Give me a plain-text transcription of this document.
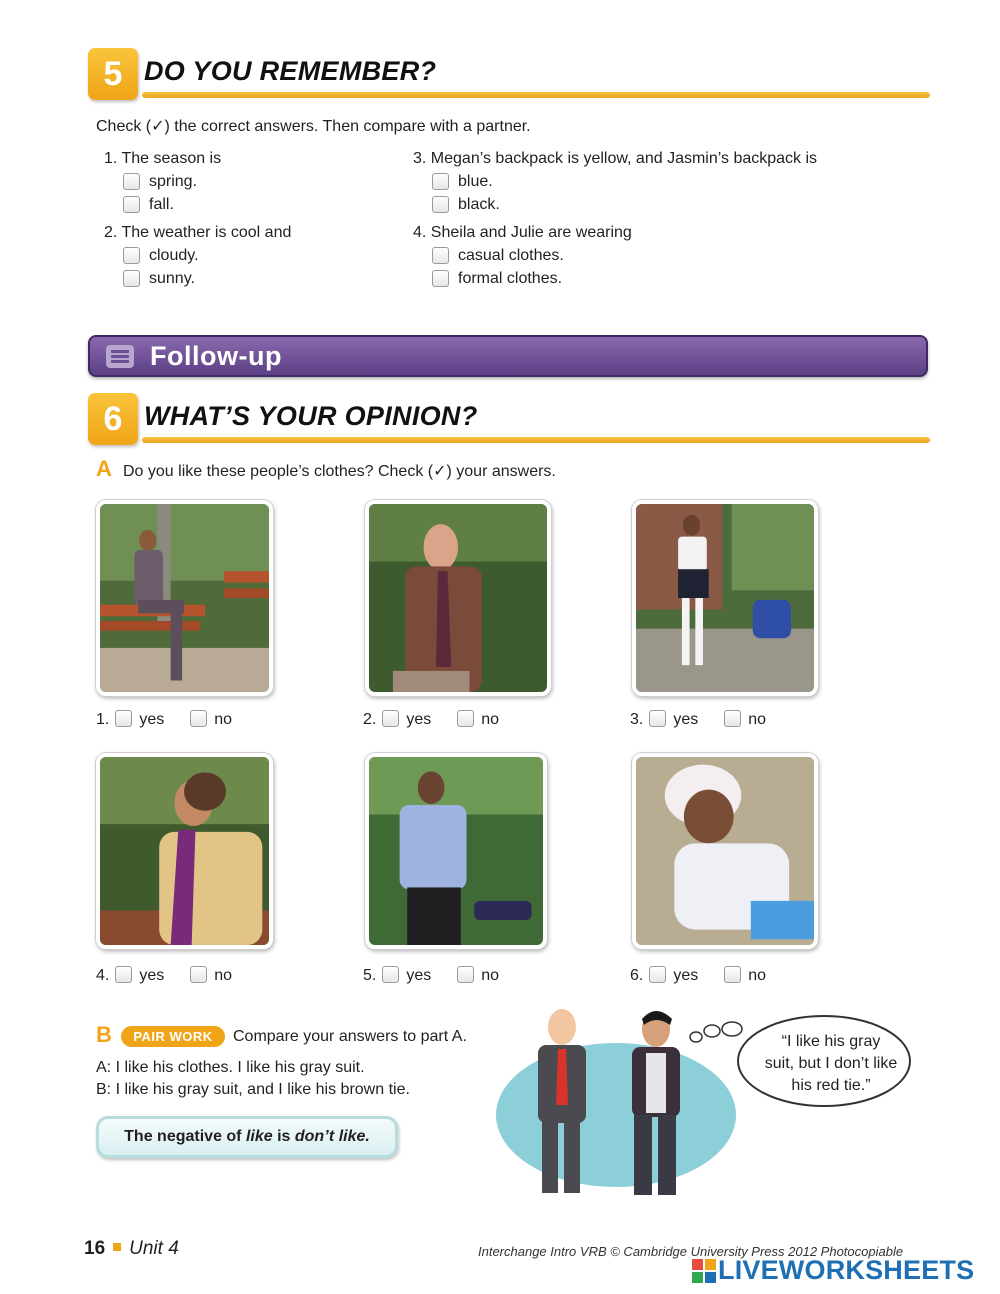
5 DO YOU REMEMBER?
Check (✓) the correct answers. Then compare with a partner.
1. The season is
spring.
fall.
2. The weather is cool and
cloudy.
sunny.
3. Megan’s backpack is yellow, and Jasmin’s backpack is
blue.
black.
4. Sheila and Julie are wearing
casual clothes.
formal clothes.
Follow-up
6 WHAT’S YOUR OPINION?
A Do you like these people’s clothes? Check (✓) your answers.
1. yes	no	2. yes	no	3. yes	no
4. yes	no	5. yes	no	6. yes	no
B	PAIR WORK	Compare your answers to part A.
A: I like his clothes. I like his gray suit.
B: I like his gray suit, and I like his brown tie.
The negative of like is don’t like.
“I like his gray
suit, but I don’t like
his red tie.”
16 Unit 4	Interchange Intro VRB © Cambridge University Press 2012 Photocopiable
LIVEWORKSHEETS
